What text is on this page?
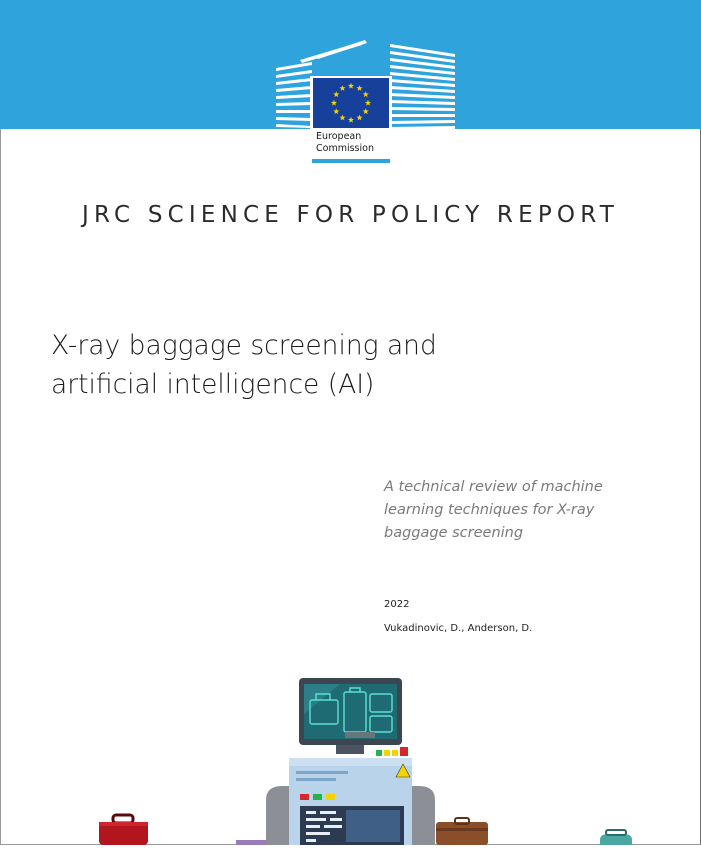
European
Commission
JRC SCIENCE FOR POLICY REPORT
X-ray baggage screening and
artificial intelligence (AI)
A technical review of machine
learning techniques for X-ray
baggage screening
2022
Vukadinovic, D., Anderson, D.
